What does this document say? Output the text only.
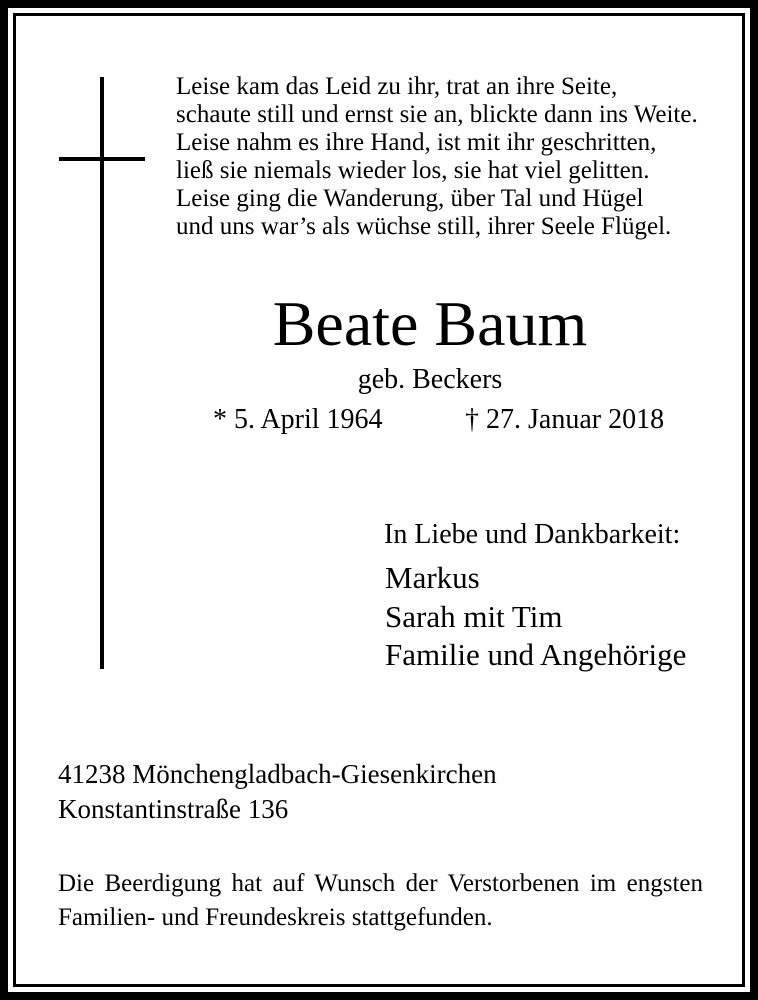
Leise kam das Leid zu ihr, trat an ihre Seite,
schaute still und ernst sie an, blickte dann ins Weite.
Leise nahm es ihre Hand, ist mit ihr geschritten,
ließ sie niemals wieder los, sie hat viel gelitten.
Leise ging die Wanderung, über Tal und Hügel
und uns war’s als wüchse still, ihrer Seele Flügel.
Beate Baum
geb. Beckers
* 5. April 1964	† 27. Januar 2018
In Liebe und Dankbarkeit:
Markus
Sarah mit Tim
Familie und Angehörige
41238 Mönchengladbach-Giesenkirchen
Konstantinstraße 136
Die Beerdigung hat auf Wunsch der Verstorbenen im engsten Familien- und Freundeskreis stattgefunden.
